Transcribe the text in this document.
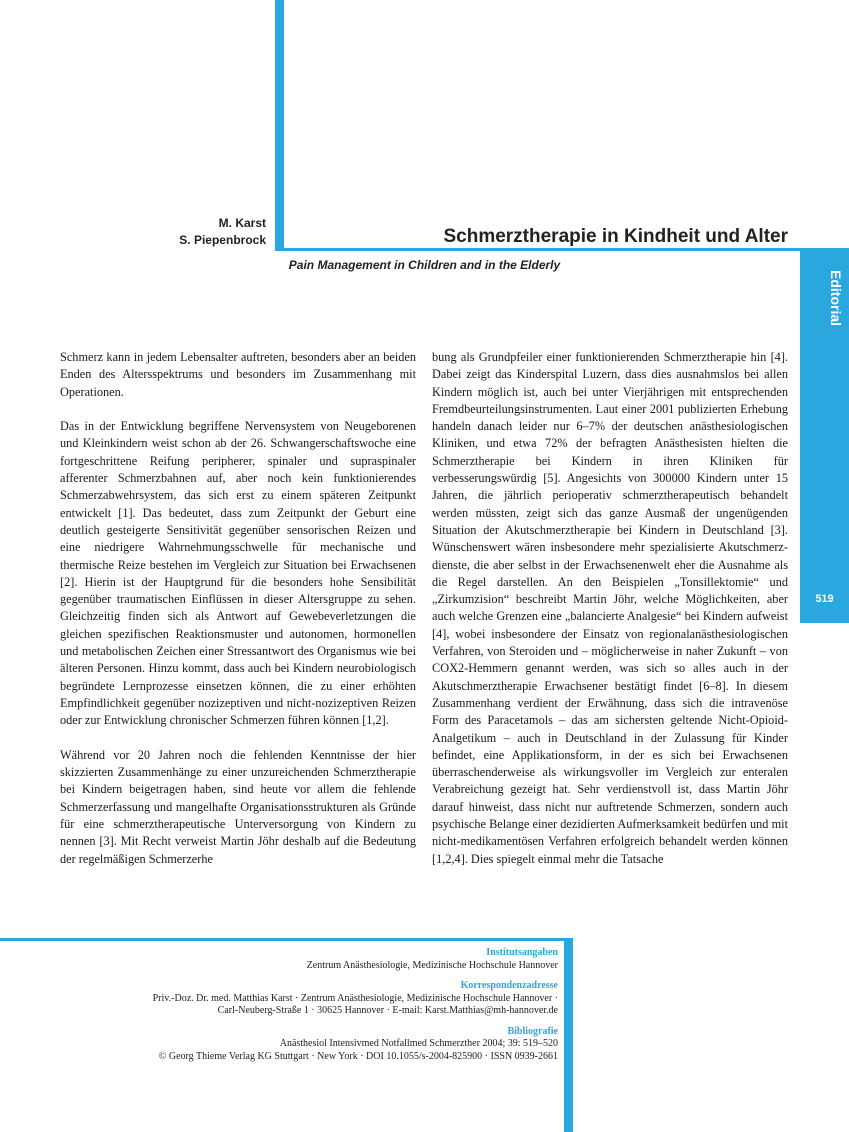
Editorial
519
M. Karst
S. Piepenbrock	Schmerztherapie in Kindheit und Alter
Pain Management in Children and in the Elderly

Schmerz kann in jedem Lebensalter auftreten, besonders aber an beiden Enden des Altersspektrums und besonders im Zusammenhang mit Operationen.

Das in der Entwicklung begriffene Nervensystem von Neugeborenen und Kleinkindern weist schon ab der 26. Schwangerschaftswoche eine fortgeschrittene Reifung peripherer, spinaler und supraspinaler afferenter Schmerzbahnen auf, aber noch kein funktionierendes Schmerzabwehrsystem, das sich erst zu einem späteren Zeitpunkt entwickelt [1]. Das bedeutet, dass zum Zeitpunkt der Geburt eine deutlich gesteigerte Sensitivität gegenüber sensorischen Reizen und eine niedrigere Wahrnehmungsschwelle für mechanische und thermische Reize bestehen im Vergleich zur Situation bei Erwachsenen [2]. Hierin ist der Hauptgrund für die besonders hohe Sensibilität gegenüber traumatischen Einflüssen in dieser Altersgruppe zu sehen. Gleichzeitig finden sich als Antwort auf Gewebeverletzungen die gleichen spezifischen Reaktionsmuster und autonomen, hormonellen und metabolischen Zeichen einer Stressantwort des Organismus wie bei älteren Personen. Hinzu kommt, dass auch bei Kindern neurobiologisch begründete Lernprozesse einsetzen können, die zu einer erhöhten Empfindlichkeit gegenüber nozizeptiven und nicht-nozizeptiven Reizen oder zur Entwicklung chronischer Schmerzen führen können [1,2].

Während vor 20 Jahren noch die fehlenden Kenntnisse der hier skizzierten Zusammenhänge zu einer unzureichenden Schmerztherapie bei Kindern beigetragen haben, sind heute vor allem die fehlende Schmerzerfassung und mangelhafte Organisationsstrukturen als Gründe für eine schmerztherapeutische Unterversorgung von Kindern zu nennen [3]. Mit Recht verweist Martin Jöhr deshalb auf die Bedeutung der regelmäßigen Schmerzerhe

bung als Grundpfeiler einer funktionierenden Schmerztherapie hin [4]. Dabei zeigt das Kinderspital Luzern, dass dies ausnahmslos bei allen Kindern möglich ist, auch bei unter Vierjährigen mit entsprechenden Fremdbeurteilungsinstrumenten. Laut einer 2001 publizierten Erhebung handeln danach leider nur 6–7% der deutschen anästhesiologischen Kliniken, und etwa 72% der befragten Anästhesisten hielten die Schmerztherapie bei Kindern in ihren Kliniken für verbesserungswürdig [5]. Angesichts von 300000 Kindern unter 15 Jahren, die jährlich perioperativ schmerztherapeutisch behandelt werden müssten, zeigt sich das ganze Ausmaß der ungenügenden Situation der Akutschmerztherapie bei Kindern in Deutschland [3]. Wünschenswert wären insbesondere mehr spezialisierte Akutschmerzdienste, die aber selbst in der Erwachsenenwelt eher die Ausnahme als die Regel darstellen. An den Beispielen „Tonsillektomie“ und „Zirkumzision“ beschreibt Martin Jöhr, welche Möglichkeiten, aber auch welche Grenzen eine „balancierte Analgesie“ bei Kindern aufweist [4], wobei insbesondere der Einsatz von regionalanästhesiologischen Verfahren, von Steroiden und – möglicherweise in naher Zukunft – von COX2-Hemmern genannt werden, was sich so alles auch in der Akutschmerztherapie Erwachsener bestätigt findet [6–8]. In diesem Zusammenhang verdient der Erwähnung, dass sich die intravenöse Form des Paracetamols – das am sichersten geltende Nicht-Opioid-Analgetikum – auch in Deutschland in der Zulassung für Kinder befindet, eine Applikationsform, in der es sich bei Erwachsenen überraschenderweise als wirkungsvoller im Vergleich zur enteralen Verabreichung gezeigt hat. Sehr verdienstvoll ist, dass Martin Jöhr darauf hinweist, dass nicht nur auftretende Schmerzen, sondern auch psychische Belange einer dezidierten Aufmerksamkeit bedürfen und mit nicht-medikamentösen Verfahren erfolgreich behandelt werden können [1,2,4]. Dies spiegelt einmal mehr die Tatsache

Institutsangaben
Zentrum Anästhesiologie, Medizinische Hochschule Hannover
Korrespondenzadresse
Priv.-Doz. Dr. med. Matthias Karst · Zentrum Anästhesiologie, Medizinische Hochschule Hannover ·
Carl-Neuberg-Straße 1 · 30625 Hannover · E-mail: Karst.Matthias@mh-hannover.de
Bibliografie
Anästhesiol Intensivmed Notfallmed Schmerzther 2004; 39: 519–520
© Georg Thieme Verlag KG Stuttgart · New York · DOI 10.1055/s-2004-825900 · ISSN 0939-2661
